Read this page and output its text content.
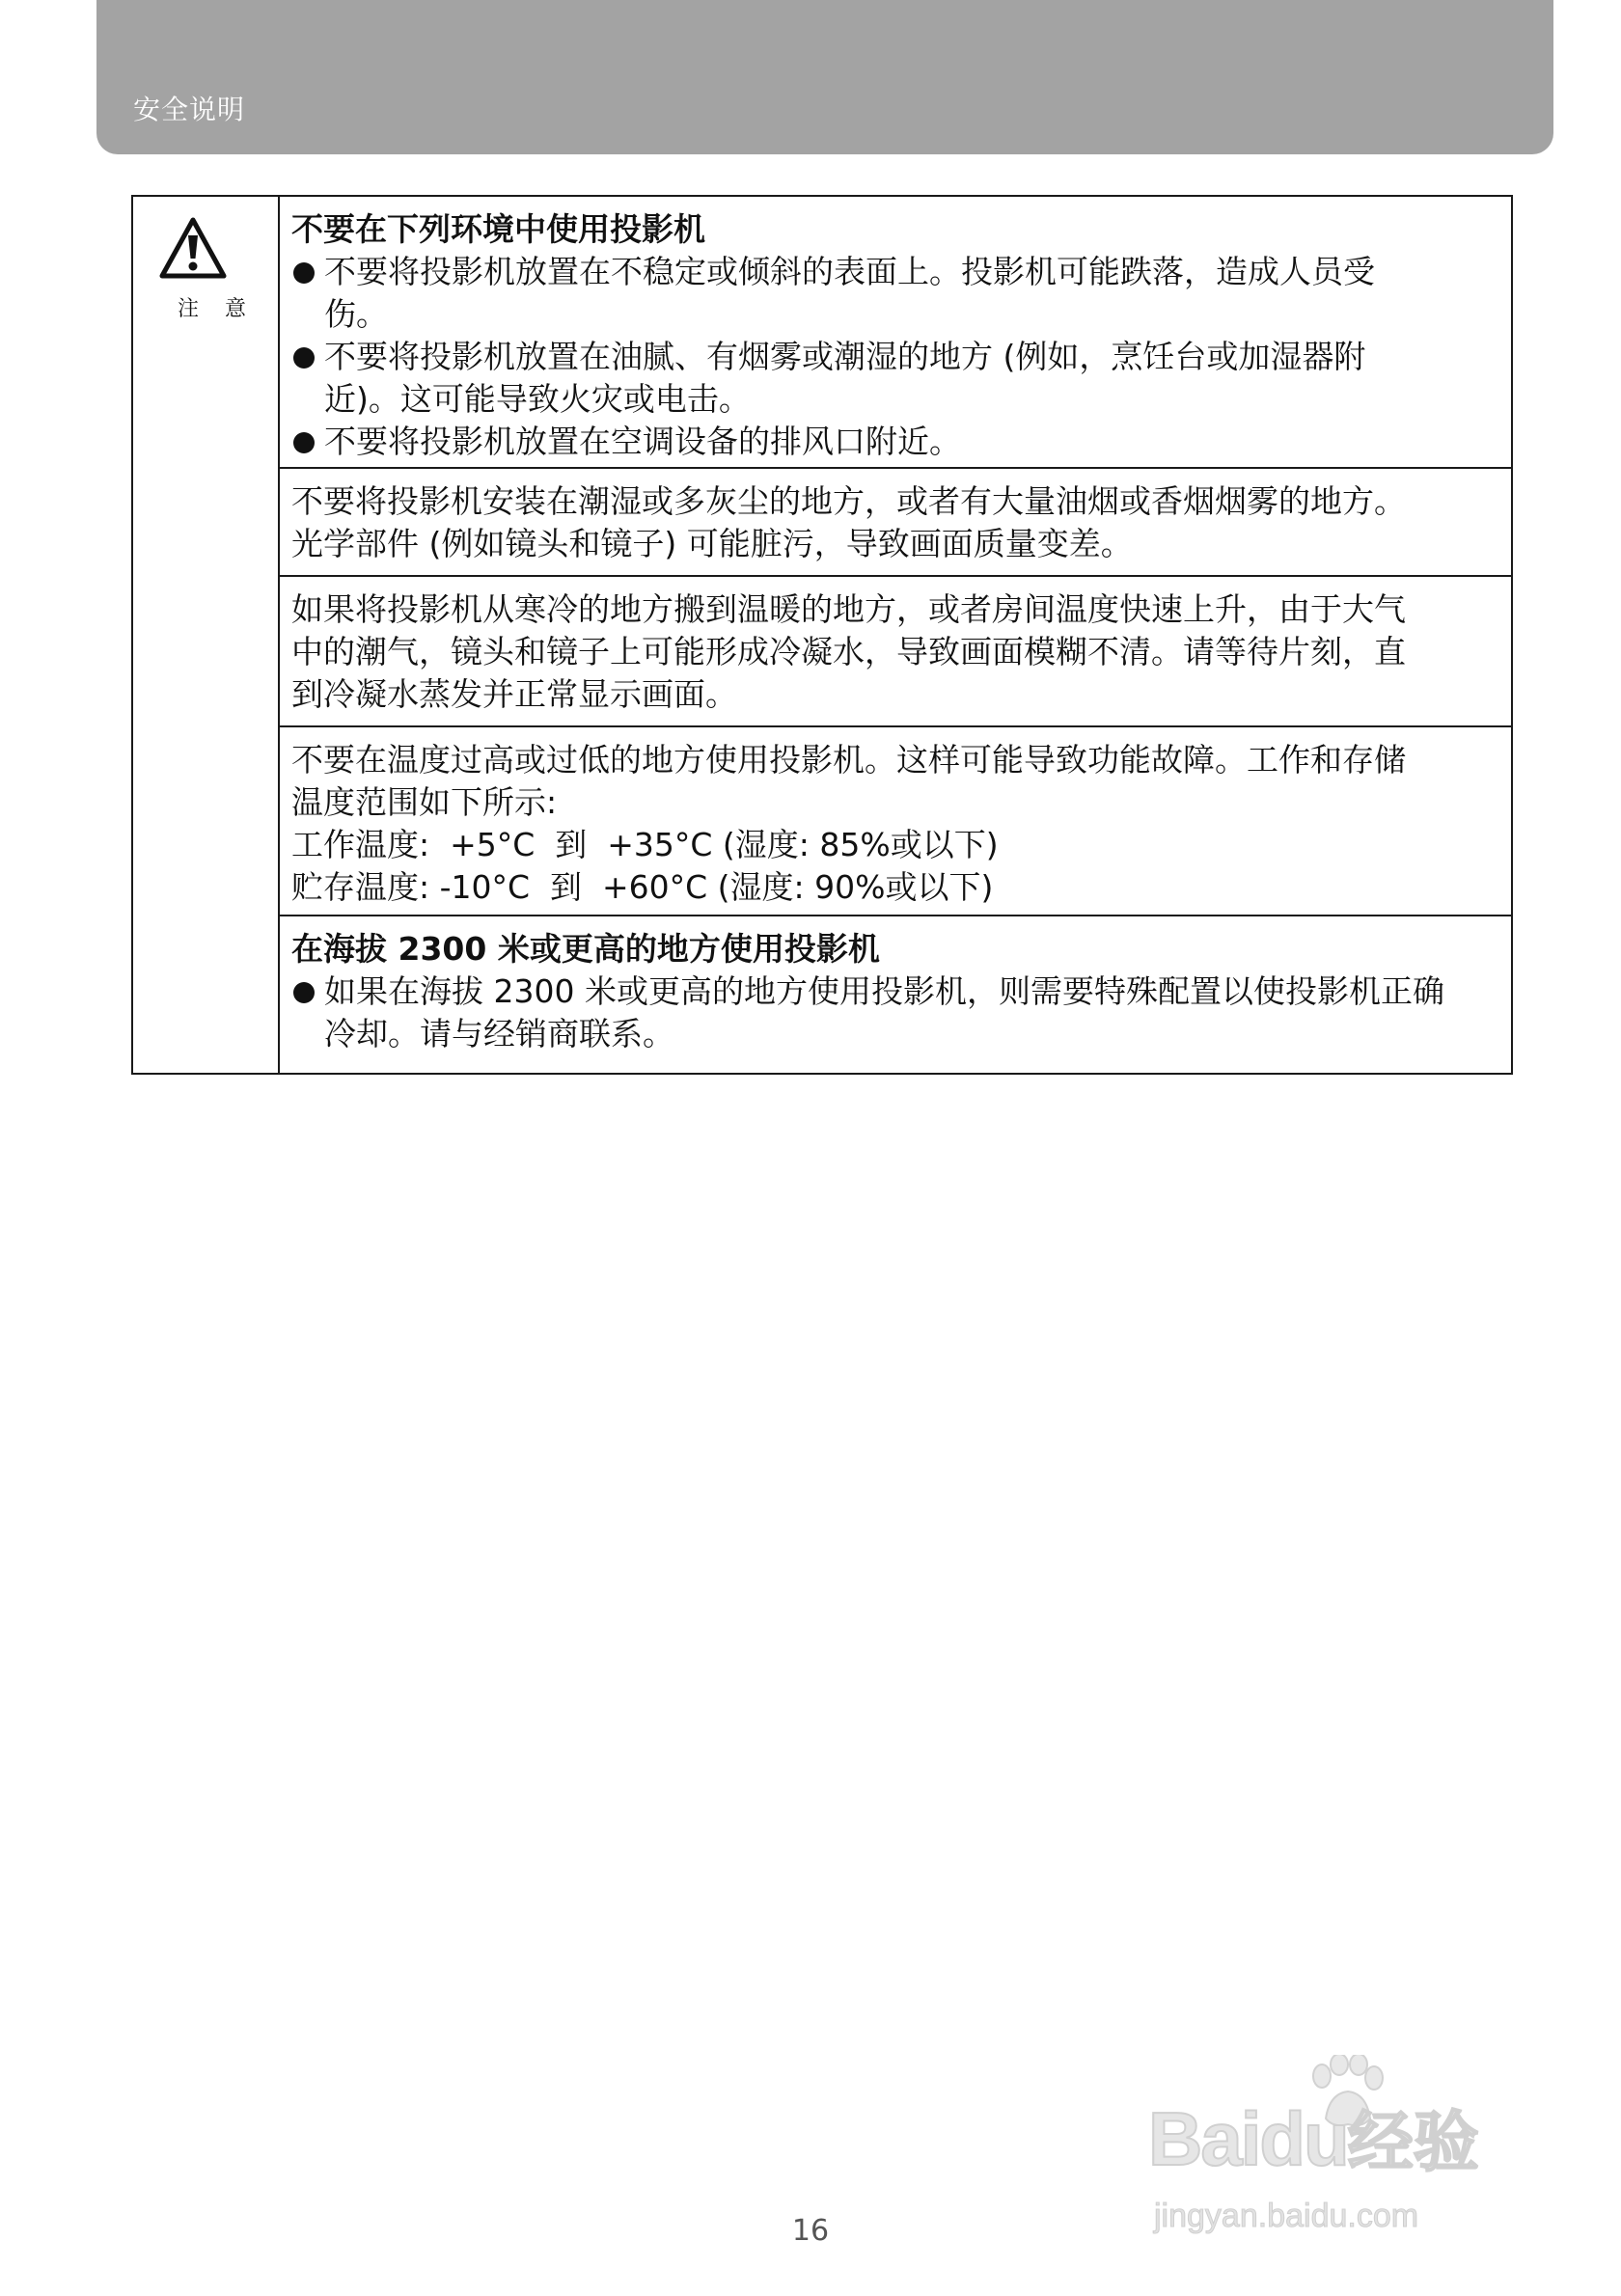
安全说明
注 意
不要在下列环境中使用投影机
不要将投影机放置在不稳定或倾斜的表面上。投影机可能跌落，造成人员受
伤。
不要将投影机放置在油腻、有烟雾或潮湿的地方 (例如，烹饪台或加湿器附
近)。这可能导致火灾或电击。
不要将投影机放置在空调设备的排风口附近。
不要将投影机安装在潮湿或多灰尘的地方，或者有大量油烟或香烟烟雾的地方。
光学部件 (例如镜头和镜子) 可能脏污，导致画面质量变差。
如果将投影机从寒冷的地方搬到温暖的地方，或者房间温度快速上升，由于大气
中的潮气，镜头和镜子上可能形成冷凝水，导致画面模糊不清。请等待片刻，直
到冷凝水蒸发并正常显示画面。
不要在温度过高或过低的地方使用投影机。这样可能导致功能故障。工作和存储
温度范围如下所示:
工作温度:  +5°C  到  +35°C (湿度: 85%或以下)
贮存温度: -10°C  到  +60°C (湿度: 90%或以下)
在海拔 2300 米或更高的地方使用投影机
如果在海拔 2300 米或更高的地方使用投影机，则需要特殊配置以使投影机正确
冷却。请与经销商联系。
Baidu经验
jingyan.baidu.com
16
